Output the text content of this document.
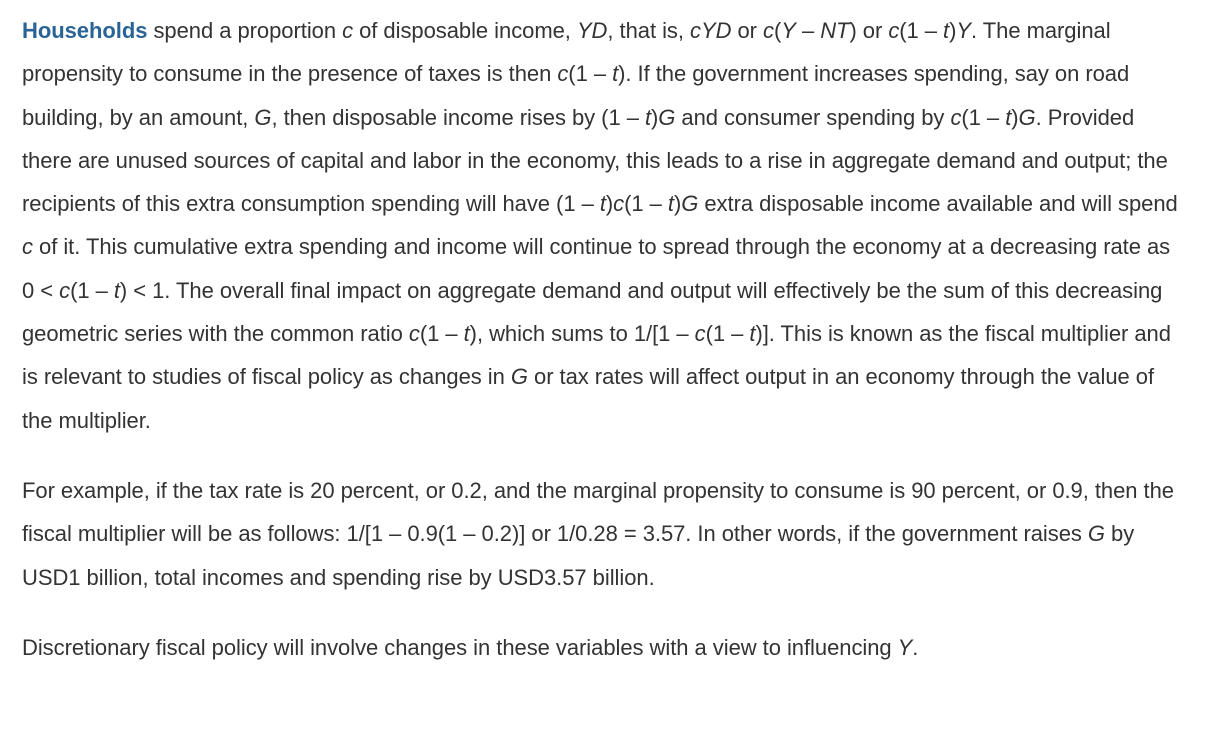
Households spend a proportion c of disposable income, YD, that is, cYD or c(Y – NT) or c(1 – t)Y. The marginal propensity to consume in the presence of taxes is then c(1 – t). If the government increases spending, say on road building, by an amount, G, then disposable income rises by (1 – t)G and consumer spending by c(1 – t)G. Provided there are unused sources of capital and labor in the economy, this leads to a rise in aggregate demand and output; the recipients of this extra consumption spending will have (1 – t)c(1 – t)G extra disposable income available and will spend c of it. This cumulative extra spending and income will continue to spread through the economy at a decreasing rate as 0 < c(1 – t) < 1. The overall final impact on aggregate demand and output will effectively be the sum of this decreasing geometric series with the common ratio c(1 – t), which sums to 1/[1 – c(1 – t)]. This is known as the fiscal multiplier and is relevant to studies of fiscal policy as changes in G or tax rates will affect output in an economy through the value of the multiplier.

For example, if the tax rate is 20 percent, or 0.2, and the marginal propensity to consume is 90 percent, or 0.9, then the fiscal multiplier will be as follows: 1/[1 – 0.9(1 – 0.2)] or 1/0.28 = 3.57. In other words, if the government raises G by USD1 billion, total incomes and spending rise by USD3.57 billion.

Discretionary fiscal policy will involve changes in these variables with a view to influencing Y.
